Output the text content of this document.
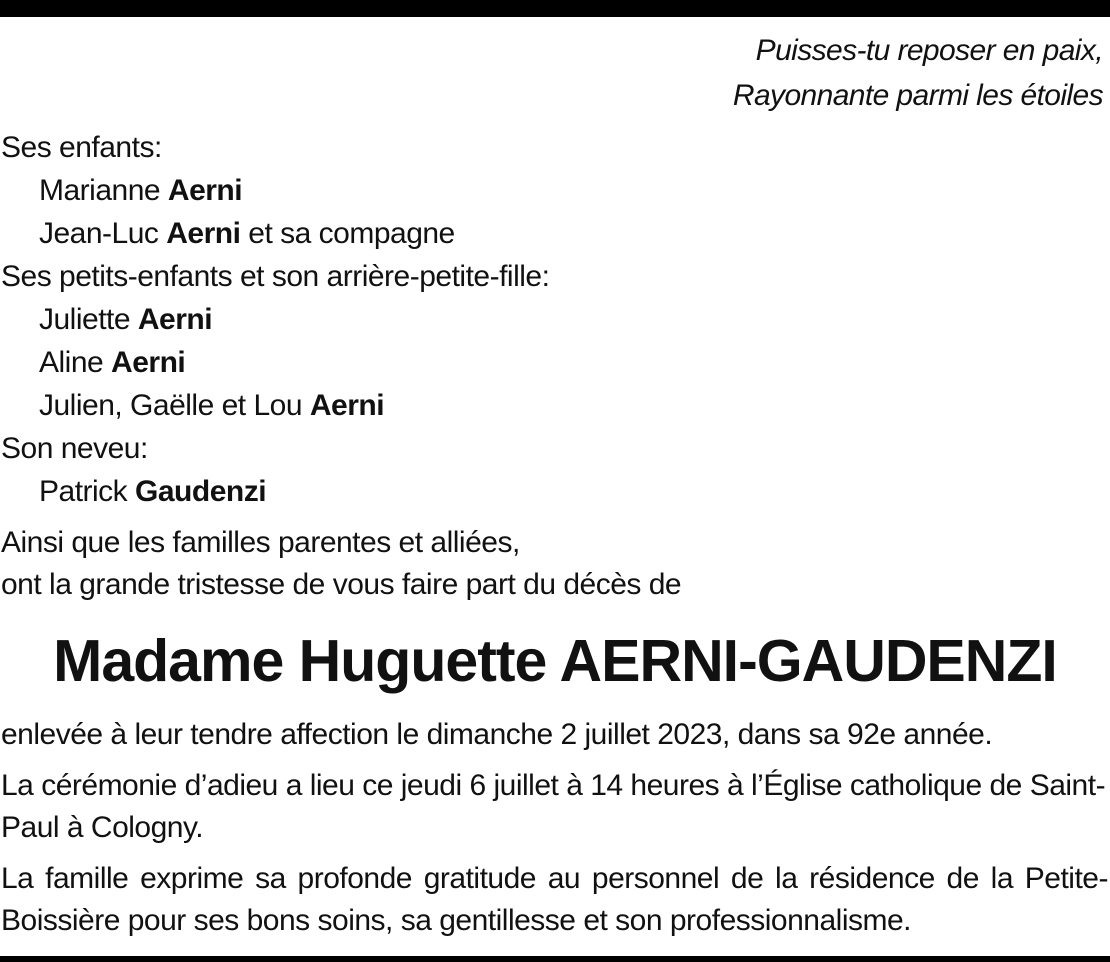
Puisses-tu reposer en paix,
Rayonnante parmi les étoiles
Ses enfants:
Marianne Aerni
Jean-Luc Aerni et sa compagne
Ses petits-enfants et son arrière-petite-fille:
Juliette Aerni
Aline Aerni
Julien, Gaëlle et Lou Aerni
Son neveu:
Patrick Gaudenzi
Ainsi que les familles parentes et alliées,
ont la grande tristesse de vous faire part du décès de
Madame Huguette AERNI-GAUDENZI
enlevée à leur tendre affection le dimanche 2 juillet 2023, dans sa 92e année.
La cérémonie d’adieu a lieu ce jeudi 6 juillet à 14 heures à l’Église catholique de Saint-Paul à Cologny.
La famille exprime sa profonde gratitude au personnel de la résidence de la Petite-Boissière pour ses bons soins, sa gentillesse et son professionnalisme.
